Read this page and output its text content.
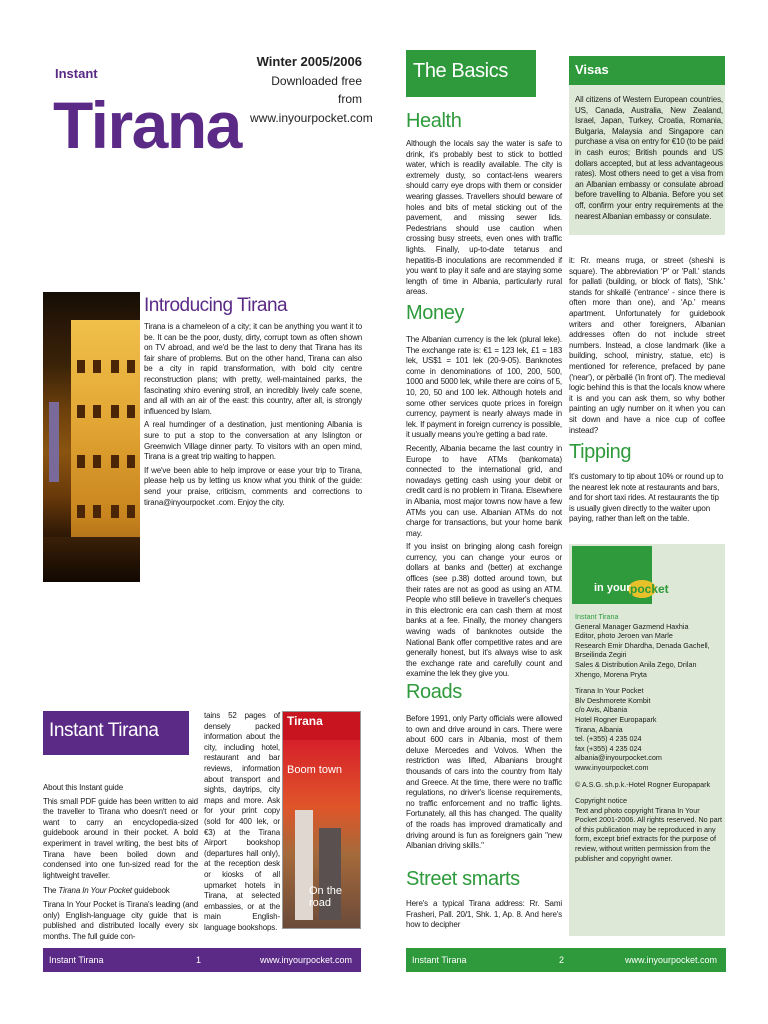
Instant
Tirana
Winter 2005/2006
Downloaded free from
www.inyourpocket.com
Introducing Tirana

Tirana is a chameleon of a city; it can be anything you want it to be. It can be the poor, dusty, dirty, corrupt town as often shown on TV abroad, and we'd be the last to deny that Tirana has its fair share of problems. But on the other hand, Tirana can also be a city in rapid transformation, with bold city centre reconstruction plans; with pretty, well-maintained parks, the fascinating xhiro evening stroll, an incredibly lively cafe scene, and all with an air of the east: this country, after all, is strongly influenced by Islam.

A real humdinger of a destination, just mentioning Albania is sure to put a stop to the conversation at any Islington or Greenwich Village dinner party. To visitors with an open mind, Tirana is a great trip waiting to happen.

If we've been able to help improve or ease your trip to Tirana, please help us by letting us know what you think of the guide: send your praise, criticism, comments and corrections to tirana@inyourpocket .com. Enjoy the city.

Instant Tirana

About this Instant guide

This small PDF guide has been written to aid the traveller to Tirana who doesn't need or want to carry an encyclopedia-sized guidebook around in their pocket. A bold experiment in travel writing, the best bits of Tirana have been boiled down and condensed into one fun-sized read for the lightweight traveller.

The Tirana In Your Pocket guidebook

Tirana In Your Pocket is Tirana's leading (and only) English-language city guide that is published and distributed locally every six months. The full guide con-

tains 52 pages of densely packed information about the city, including hotel, restaurant and bar reviews, information about transport and sights, daytrips, city maps and more. Ask for your print copy (sold for 400 lek, or €3) at the Tirana Airport bookshop (departures hall only), at the reception desk or kiosks of all upmarket hotels in Tirana, at selected embassies, or at the main English-language bookshops.

Tirana
Boom town
On the road
Instant Tirana	1	www.inyourpocket.com
The Basics	Visas

All citizens of Western European countries, US, Canada, Australia, New Zealand, Israel, Japan, Turkey, Croatia, Romania, Bulgaria, Malaysia and Singapore can purchase a visa on entry for €10 (to be paid in cash euros; British pounds and US dollars accepted, but at less advantageous rates). Most others need to get a visa from an Albanian embassy or consulate abroad before travelling to Albania. Before you set off, confirm your entry requirements at the nearest Albanian embassy or consulate.

Health

Although the locals say the water is safe to drink, it's probably best to stick to bottled water, which is readily available. The city is extremely dusty, so contact-lens wearers should carry eye drops with them or consider wearing glasses. Travellers should beware of holes and bits of metal sticking out of the pavement, and missing sewer lids. Pedestrians should use caution when crossing busy streets, even ones with traffic lights. Finally, up-to-date tetanus and hepatitis-B inoculations are recommended if you want to play it safe and are staying some length of time in Albania, particularly rural areas.

Money

The Albanian currency is the lek (plural leke). The exchange rate is: €1 = 123 lek, £1 = 183 lek, US$1 = 101 lek (20-9-05). Banknotes come in denominations of 100, 200, 500, 1000 and 5000 lek, while there are coins of 5, 10, 20, 50 and 100 lek. Although hotels and some other services quote prices in foreign currency, payment is nearly always made in lek. If payment in foreign currency is possible, it usually means you're getting a bad rate.

Recently, Albania became the last country in Europe to have ATMs (bankomata) connected to the international grid, and nowadays getting cash using your debit or credit card is no problem in Tirana. Elsewhere in Albania, most major towns now have a few ATMs you can use. Albanian ATMs do not charge for transactions, but your home bank may.

If you insist on bringing along cash foreign currency, you can change your euros or dollars at banks and (better) at exchange offices (see p.38) dotted around town, but their rates are not as good as using an ATM. People who still believe in traveller's cheques in this electronic era can cash them at most banks at a fee. Finally, the money changers waving wads of banknotes outside the National Bank offer competitive rates and are generally honest, but it's always wise to ask the exchange rate and carefully count and examine the lek they give you.

Roads

Before 1991, only Party officials were allowed to own and drive around in cars. There were about 600 cars in Albania, most of them deluxe Mercedes and Volvos. When the restriction was lifted, Albanians brought thousands of cars into the country from Italy and Greece. At the time, there were no traffic regulations, no driver's license requirements, no traffic enforcement and no traffic lights. Fortunately, all this has changed. The quality of the roads has improved dramatically and driving around is fun as foreigners gain "new Albanian driving skills."

Street smarts

Here's a typical Tirana address: Rr. Sami Frasheri, Pall. 20/1, Shk. 1, Ap. 8. And here's how to decipher

it: Rr. means rruga, or street (sheshi is square). The abbreviation 'P' or 'Pall.' stands for pallati (building, or block of flats), 'Shk.' stands for shkallë ('entrance' - since there is often more than one), and 'Ap.' means apartment. Unfortunately for guidebook writers and other foreigners, Albanian addresses often do not include street numbers. Instead, a close landmark (like a building, school, ministry, statue, etc) is mentioned for reference, prefaced by pane ('near'), or përballë ('in front of'). The medieval logic behind this is that the locals know where it is and you can ask them, so why bother painting an ugly number on it when you can sit down and have a nice cup of coffee instead?

Tipping

It's customary to tip about 10% or round up to the nearest lek note at restaurants and bars, and for short taxi rides. At restaurants the tip is usually given directly to the waiter upon paying, rather than left on the table.

in your pocket

Instant Tirana
General Manager Gazmend Haxhia
Editor, photo Jeroen van Marle
Research Emir Dhardha, Denada Gachell, Brseilinda Zegiri
Sales & Distribution Anila Zego, Drilan Xhengo, Morena Pryta

Tirana In Your Pocket
Blv Deshmorete Kombit
c/o Avis, Albania
Hotel Rogner Europapark
Tirana, Albania
tel. (+355) 4 235 024
fax (+355) 4 235 024
albania@inyourpocket.com
www.inyourpocket.com

© A.S.G. sh.p.k.-Hotel Rogner Europapark

Copyright notice
Text and photo copyright Tirana In Your Pocket 2001-2006. All rights reserved. No part of this publication may be reproduced in any form, except brief extracts for the purpose of review, without written permission from the publisher and copyright owner.

Instant Tirana	2	www.inyourpocket.com
